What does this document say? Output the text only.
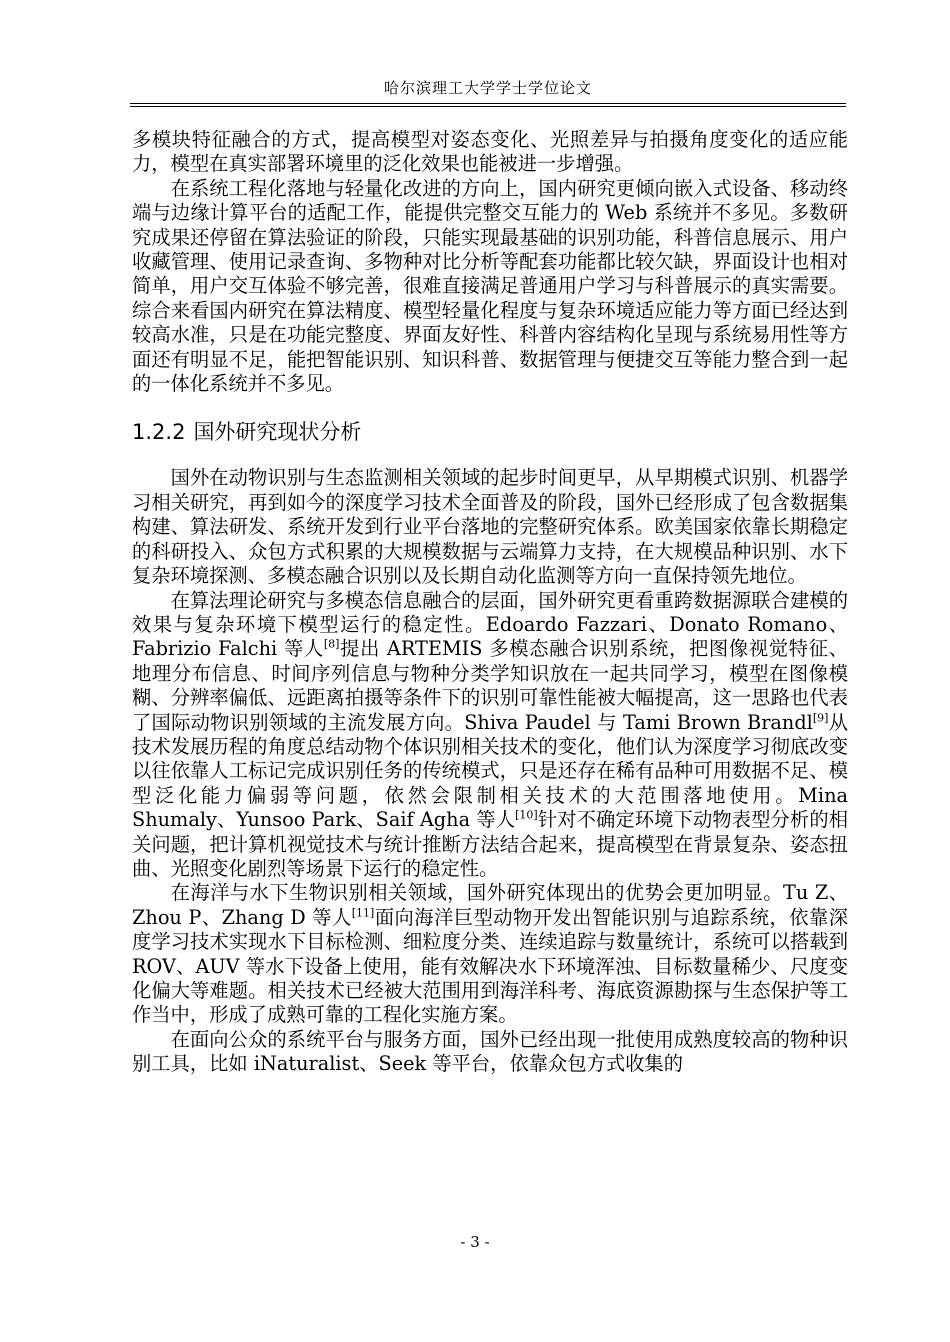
哈尔滨理工大学学士学位论文

多模块特征融合的方式，提高模型对姿态变化、光照差异与拍摄角度变化的适应能力，模型在真实部署环境里的泛化效果也能被进一步增强。

在系统工程化落地与轻量化改进的方向上，国内研究更倾向嵌入式设备、移动终端与边缘计算平台的适配工作，能提供完整交互能力的 Web 系统并不多见。多数研究成果还停留在算法验证的阶段，只能实现最基础的识别功能，科普信息展示、用户收藏管理、使用记录查询、多物种对比分析等配套功能都比较欠缺，界面设计也相对简单，用户交互体验不够完善，很难直接满足普通用户学习与科普展示的真实需要。综合来看国内研究在算法精度、模型轻量化程度与复杂环境适应能力等方面已经达到较高水准，只是在功能完整度、界面友好性、科普内容结构化呈现与系统易用性等方面还有明显不足，能把智能识别、知识科普、数据管理与便捷交互等能力整合到一起的一体化系统并不多见。

1.2.2 国外研究现状分析

国外在动物识别与生态监测相关领域的起步时间更早，从早期模式识别、机器学习相关研究，再到如今的深度学习技术全面普及的阶段，国外已经形成了包含数据集构建、算法研发、系统开发到行业平台落地的完整研究体系。欧美国家依靠长期稳定的科研投入、众包方式积累的大规模数据与云端算力支持，在大规模品种识别、水下复杂环境探测、多模态融合识别以及长期自动化监测等方向一直保持领先地位。

在算法理论研究与多模态信息融合的层面，国外研究更看重跨数据源联合建模的效果与复杂环境下模型运行的稳定性。Edoardo Fazzari、Donato Romano、Fabrizio Falchi 等人[8]提出 ARTEMIS 多模态融合识别系统，把图像视觉特征、地理分布信息、时间序列信息与物种分类学知识放在一起共同学习，模型在图像模糊、分辨率偏低、远距离拍摄等条件下的识别可靠性能被大幅提高，这一思路也代表了国际动物识别领域的主流发展方向。Shiva Paudel 与 Tami Brown Brandl[9]从技术发展历程的角度总结动物个体识别相关技术的变化，他们认为深度学习彻底改变以往依靠人工标记完成识别任务的传统模式，只是还存在稀有品种可用数据不足、模型泛化能力偏弱等问题，依然会限制相关技术的大范围落地使用。Mina Shumaly、Yunsoo Park、Saif Agha 等人[10]针对不确定环境下动物表型分析的相关问题，把计算机视觉技术与统计推断方法结合起来，提高模型在背景复杂、姿态扭曲、光照变化剧烈等场景下运行的稳定性。

在海洋与水下生物识别相关领域，国外研究体现出的优势会更加明显。Tu Z、Zhou P、Zhang D 等人[11]面向海洋巨型动物开发出智能识别与追踪系统，依靠深度学习技术实现水下目标检测、细粒度分类、连续追踪与数量统计，系统可以搭载到 ROV、AUV 等水下设备上使用，能有效解决水下环境浑浊、目标数量稀少、尺度变化偏大等难题。相关技术已经被大范围用到海洋科考、海底资源勘探与生态保护等工作当中，形成了成熟可靠的工程化实施方案。

在面向公众的系统平台与服务方面，国外已经出现一批使用成熟度较高的物种识别工具，比如 iNaturalist、Seek 等平台，依靠众包方式收集的

- 3 -
